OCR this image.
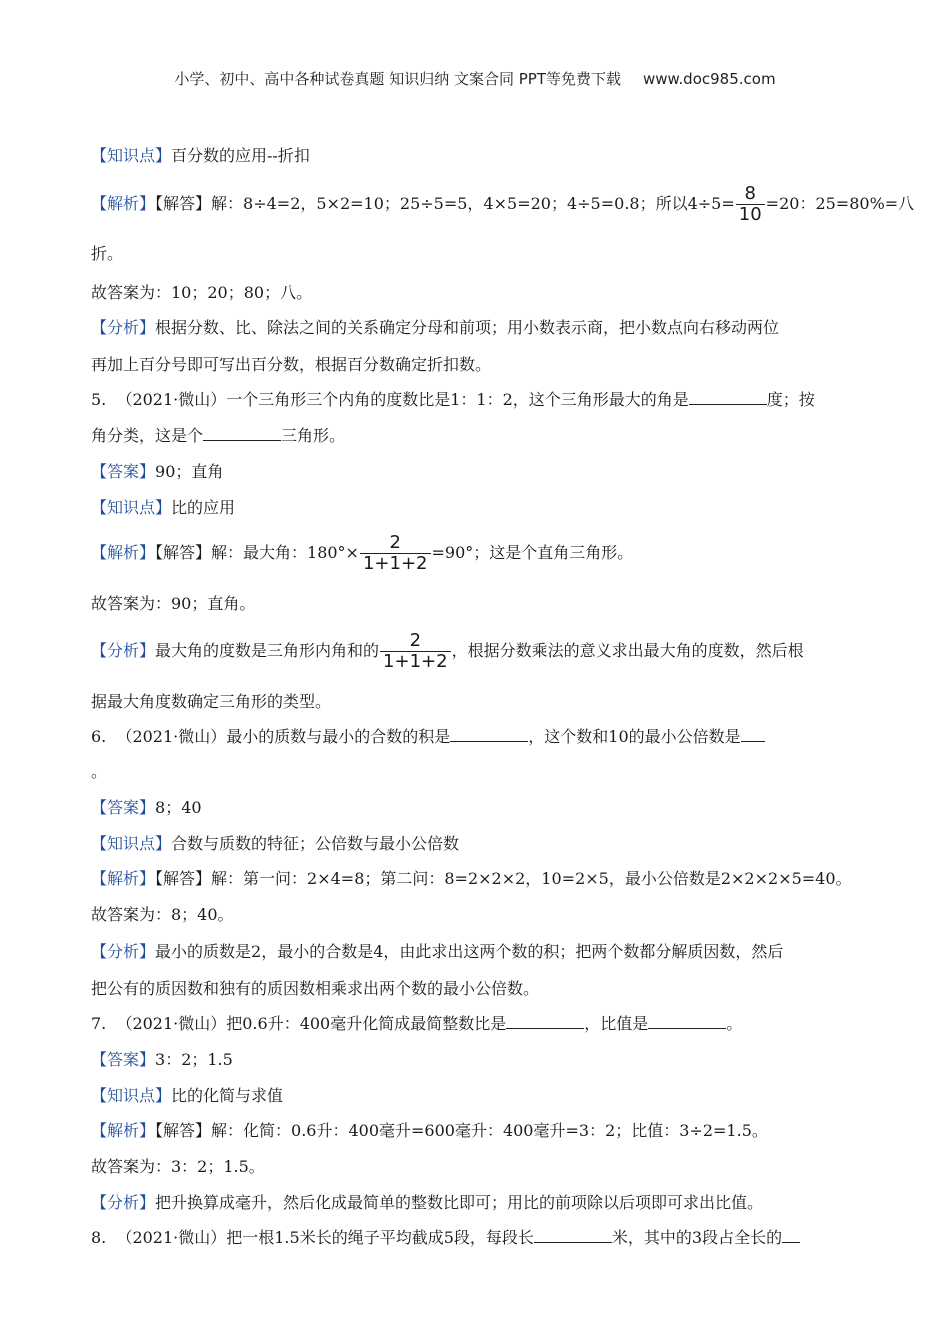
小学、初中、高中各种试卷真题 知识归纳 文案合同 PPT等免费下载 www.doc985.com
【知识点】百分数的应用--折扣
【解析】【解答】解：8÷4=2，5×2=10；25÷5=5，4×5=20；4÷5=0.8；所以$4\div 5= \frac{8}{10} =20$：25=80%=八
折。
故答案为：10；20；80；八。
【分析】根据分数、比、除法之间的关系确定分母和前项；用小数表示商，把小数点向右移动两位
再加上百分号即可写出百分数，根据百分数确定折扣数。
5. （2021·微山）一个三角形三个内角的度数比是1：1：2，这个三角形最大的角是	度；按
角分类，这是个	三角形。
【答案】90；直角
【知识点】比的应用
【解析】【解答】解：最大角：$180^\circ\times \frac{2}{1+1+2} =90^\circ$；这是个直角三角形。
故答案为：90；直角。
【分析】最大角的度数是三角形内角和的 $\frac{2}{1+1+2}$ ，根据分数乘法的意义求出最大角的度数，然后根
据最大角度数确定三角形的类型。
6. （2021·微山）最小的质数与最小的合数的积是	，这个数和10的最小公倍数是
。
【答案】8；40
【知识点】合数与质数的特征；公倍数与最小公倍数
【解析】【解答】解：第一问：2×4=8；第二问：8=2×2×2，10=2×5，最小公倍数是2×2×2×5=40。
故答案为：8；40。
【分析】最小的质数是2，最小的合数是4，由此求出这两个数的积；把两个数都分解质因数，然后
把公有的质因数和独有的质因数相乘求出两个数的最小公倍数。
7. （2021·微山）把0.6升：400毫升化简成最简整数比是	，比值是	。
【答案】3：2；1.5
【知识点】比的化简与求值
【解析】【解答】解：化简：0.6升：400毫升=600毫升：400毫升=3：2；比值：3÷2=1.5。
故答案为：3：2；1.5。
【分析】把升换算成毫升，然后化成最简单的整数比即可；用比的前项除以后项即可求出比值。
8. （2021·微山）把一根1.5米长的绳子平均截成5段，每段长	米，其中的3段占全长的
